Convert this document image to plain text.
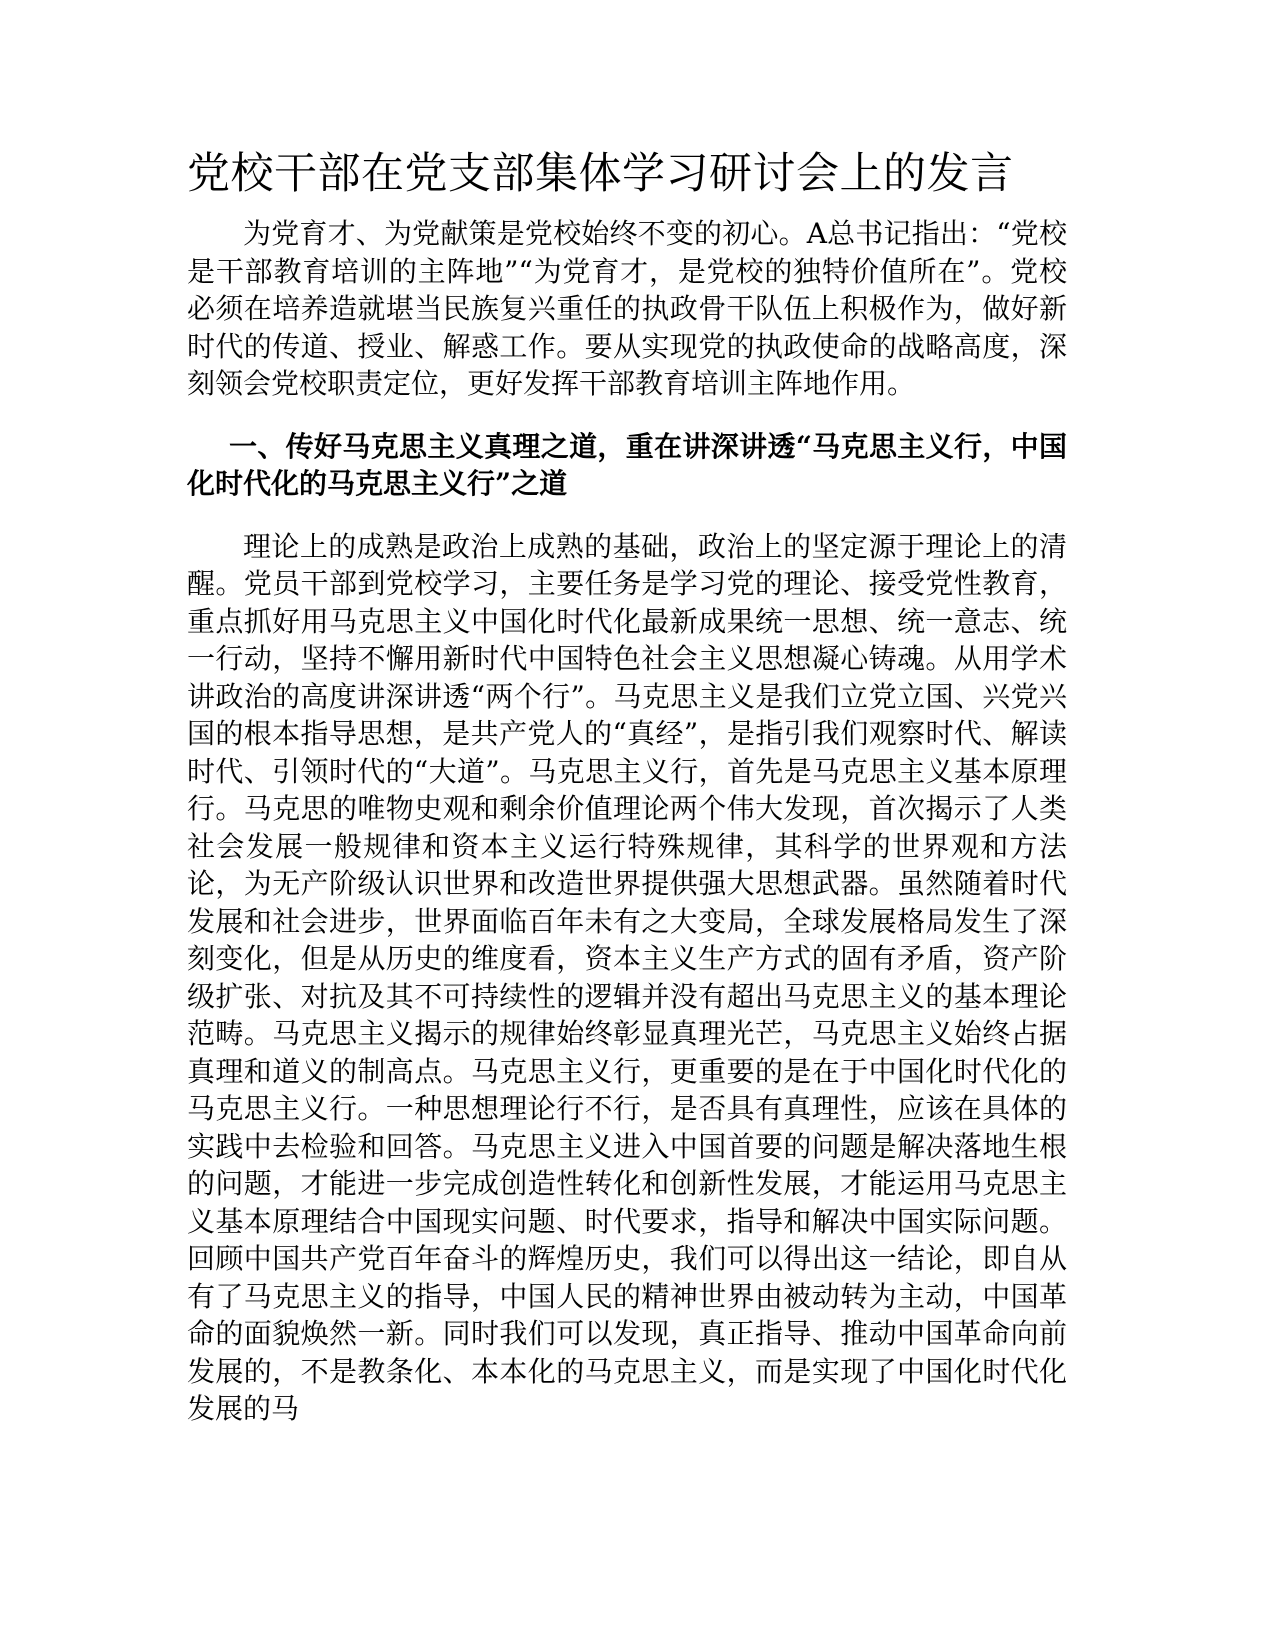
党校干部在党支部集体学习研讨会上的发言

为党育才、为党献策是党校始终不变的初心。A总书记指出：“党校是干部教育培训的主阵地”“为党育才，是党校的独特价值所在”。党校必须在培养造就堪当民族复兴重任的执政骨干队伍上积极作为，做好新时代的传道、授业、解惑工作。要从实现党的执政使命的战略高度，深刻领会党校职责定位，更好发挥干部教育培训主阵地作用。

一、传好马克思主义真理之道，重在讲深讲透“马克思主义行，中国化时代化的马克思主义行”之道

理论上的成熟是政治上成熟的基础，政治上的坚定源于理论上的清醒。党员干部到党校学习，主要任务是学习党的理论、接受党性教育，重点抓好用马克思主义中国化时代化最新成果统一思想、统一意志、统一行动，坚持不懈用新时代中国特色社会主义思想凝心铸魂。从用学术讲政治的高度讲深讲透“两个行”。马克思主义是我们立党立国、兴党兴国的根本指导思想，是共产党人的“真经”，是指引我们观察时代、解读时代、引领时代的“大道”。马克思主义行，首先是马克思主义基本原理行。马克思的唯物史观和剩余价值理论两个伟大发现，首次揭示了人类社会发展一般规律和资本主义运行特殊规律，其科学的世界观和方法论，为无产阶级认识世界和改造世界提供强大思想武器。虽然随着时代发展和社会进步，世界面临百年未有之大变局，全球发展格局发生了深刻变化，但是从历史的维度看，资本主义生产方式的固有矛盾，资产阶级扩张、对抗及其不可持续性的逻辑并没有超出马克思主义的基本理论范畴。马克思主义揭示的规律始终彰显真理光芒，马克思主义始终占据真理和道义的制高点。马克思主义行，更重要的是在于中国化时代化的马克思主义行。一种思想理论行不行，是否具有真理性，应该在具体的实践中去检验和回答。马克思主义进入中国首要的问题是解决落地生根的问题，才能进一步完成创造性转化和创新性发展，才能运用马克思主义基本原理结合中国现实问题、时代要求，指导和解决中国实际问题。回顾中国共产党百年奋斗的辉煌历史，我们可以得出这一结论，即自从有了马克思主义的指导，中国人民的精神世界由被动转为主动，中国革命的面貌焕然一新。同时我们可以发现，真正指导、推动中国革命向前发展的，不是教条化、本本化的马克思主义，而是实现了中国化时代化发展的马
